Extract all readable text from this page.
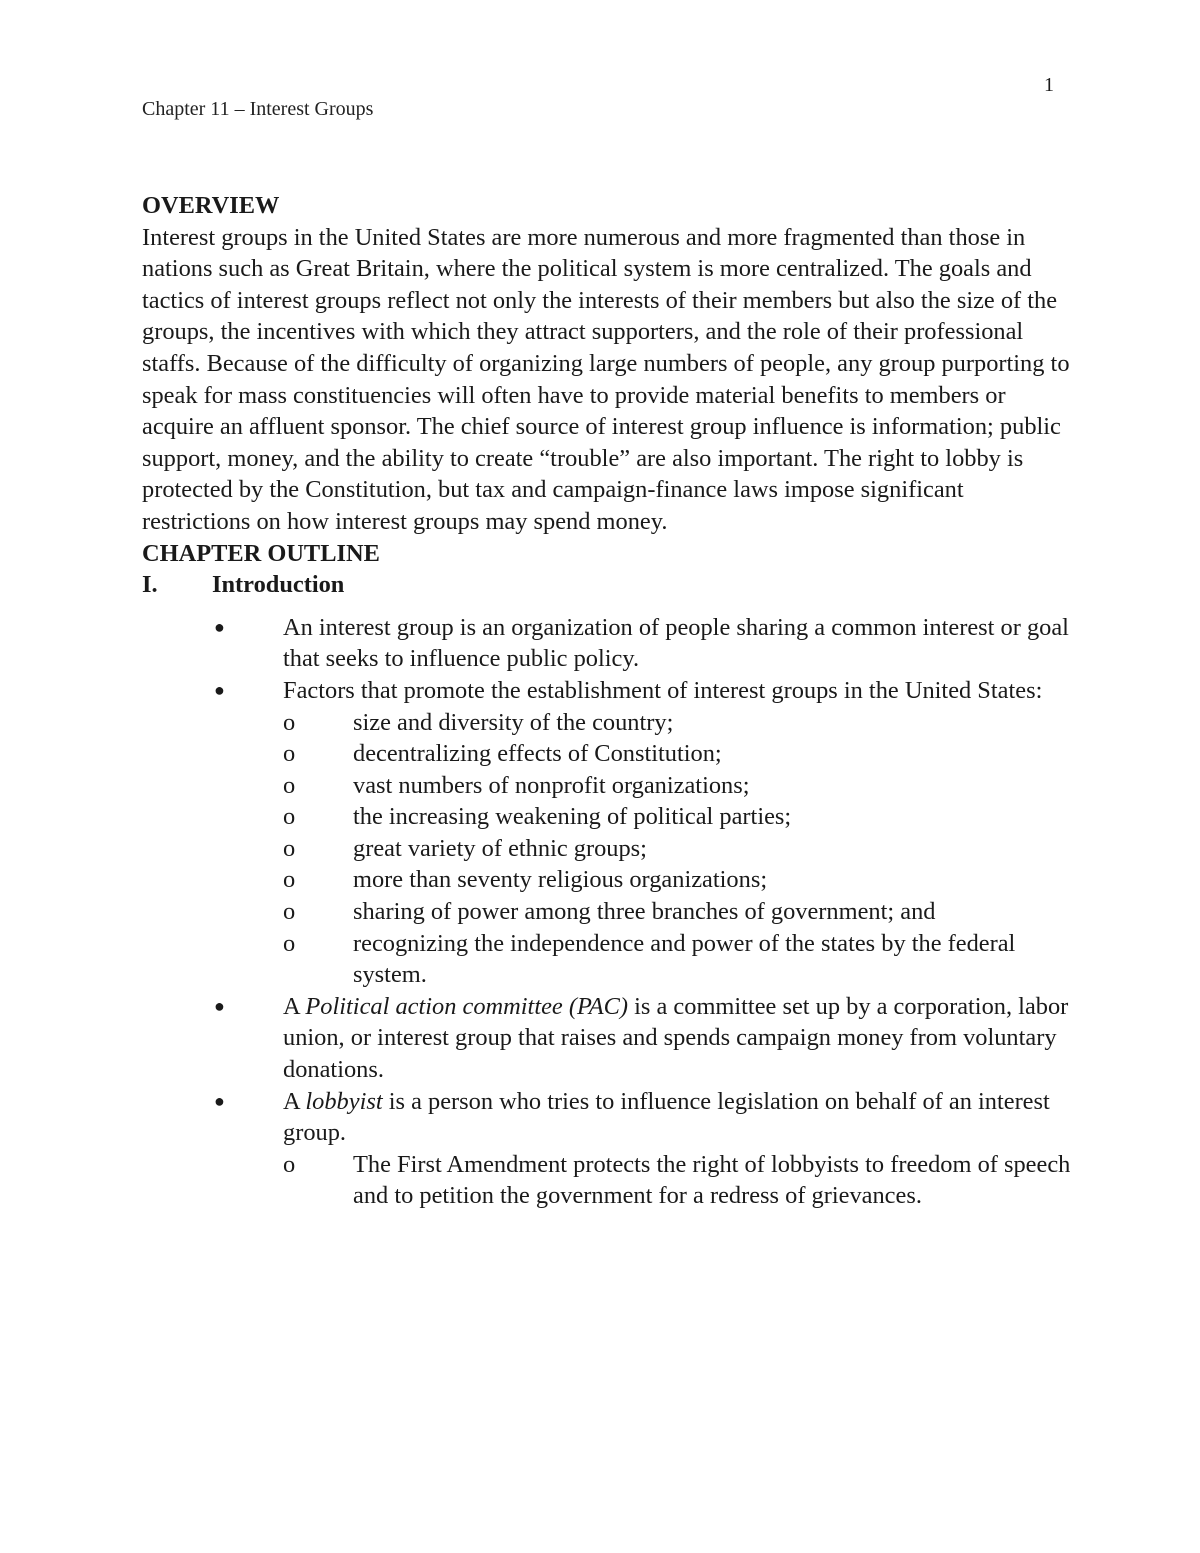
1
Chapter 11 – Interest Groups
OVERVIEW

Interest groups in the United States are more numerous and more fragmented than those in nations such as Great Britain, where the political system is more centralized. The goals and tactics of interest groups reflect not only the interests of their members but also the size of the groups, the incentives with which they attract supporters, and the role of their professional staffs. Because of the difficulty of organizing large numbers of people, any group purporting to speak for mass constituencies will often have to provide material benefits to members or acquire an affluent sponsor. The chief source of interest group influence is information; public support, money, and the ability to create “trouble” are also important. The right to lobby is protected by the Constitution, but tax and campaign-finance laws impose significant restrictions on how interest groups may spend money.

CHAPTER OUTLINE
I.	Introduction
● An interest group is an organization of people sharing a common interest or goal that seeks to influence public policy.
● Factors that promote the establishment of interest groups in the United States:
o size and diversity of the country;
o decentralizing effects of Constitution;
o vast numbers of nonprofit organizations;
o the increasing weakening of political parties;
o great variety of ethnic groups;
o more than seventy religious organizations;
o sharing of power among three branches of government; and
o recognizing the independence and power of the states by the federal system.
● A Political action committee (PAC) is a committee set up by a corporation, labor union, or interest group that raises and spends campaign money from voluntary donations.
● A lobbyist is a person who tries to influence legislation on behalf of an interest group.
o The First Amendment protects the right of lobbyists to freedom of speech and to petition the government for a redress of grievances.
